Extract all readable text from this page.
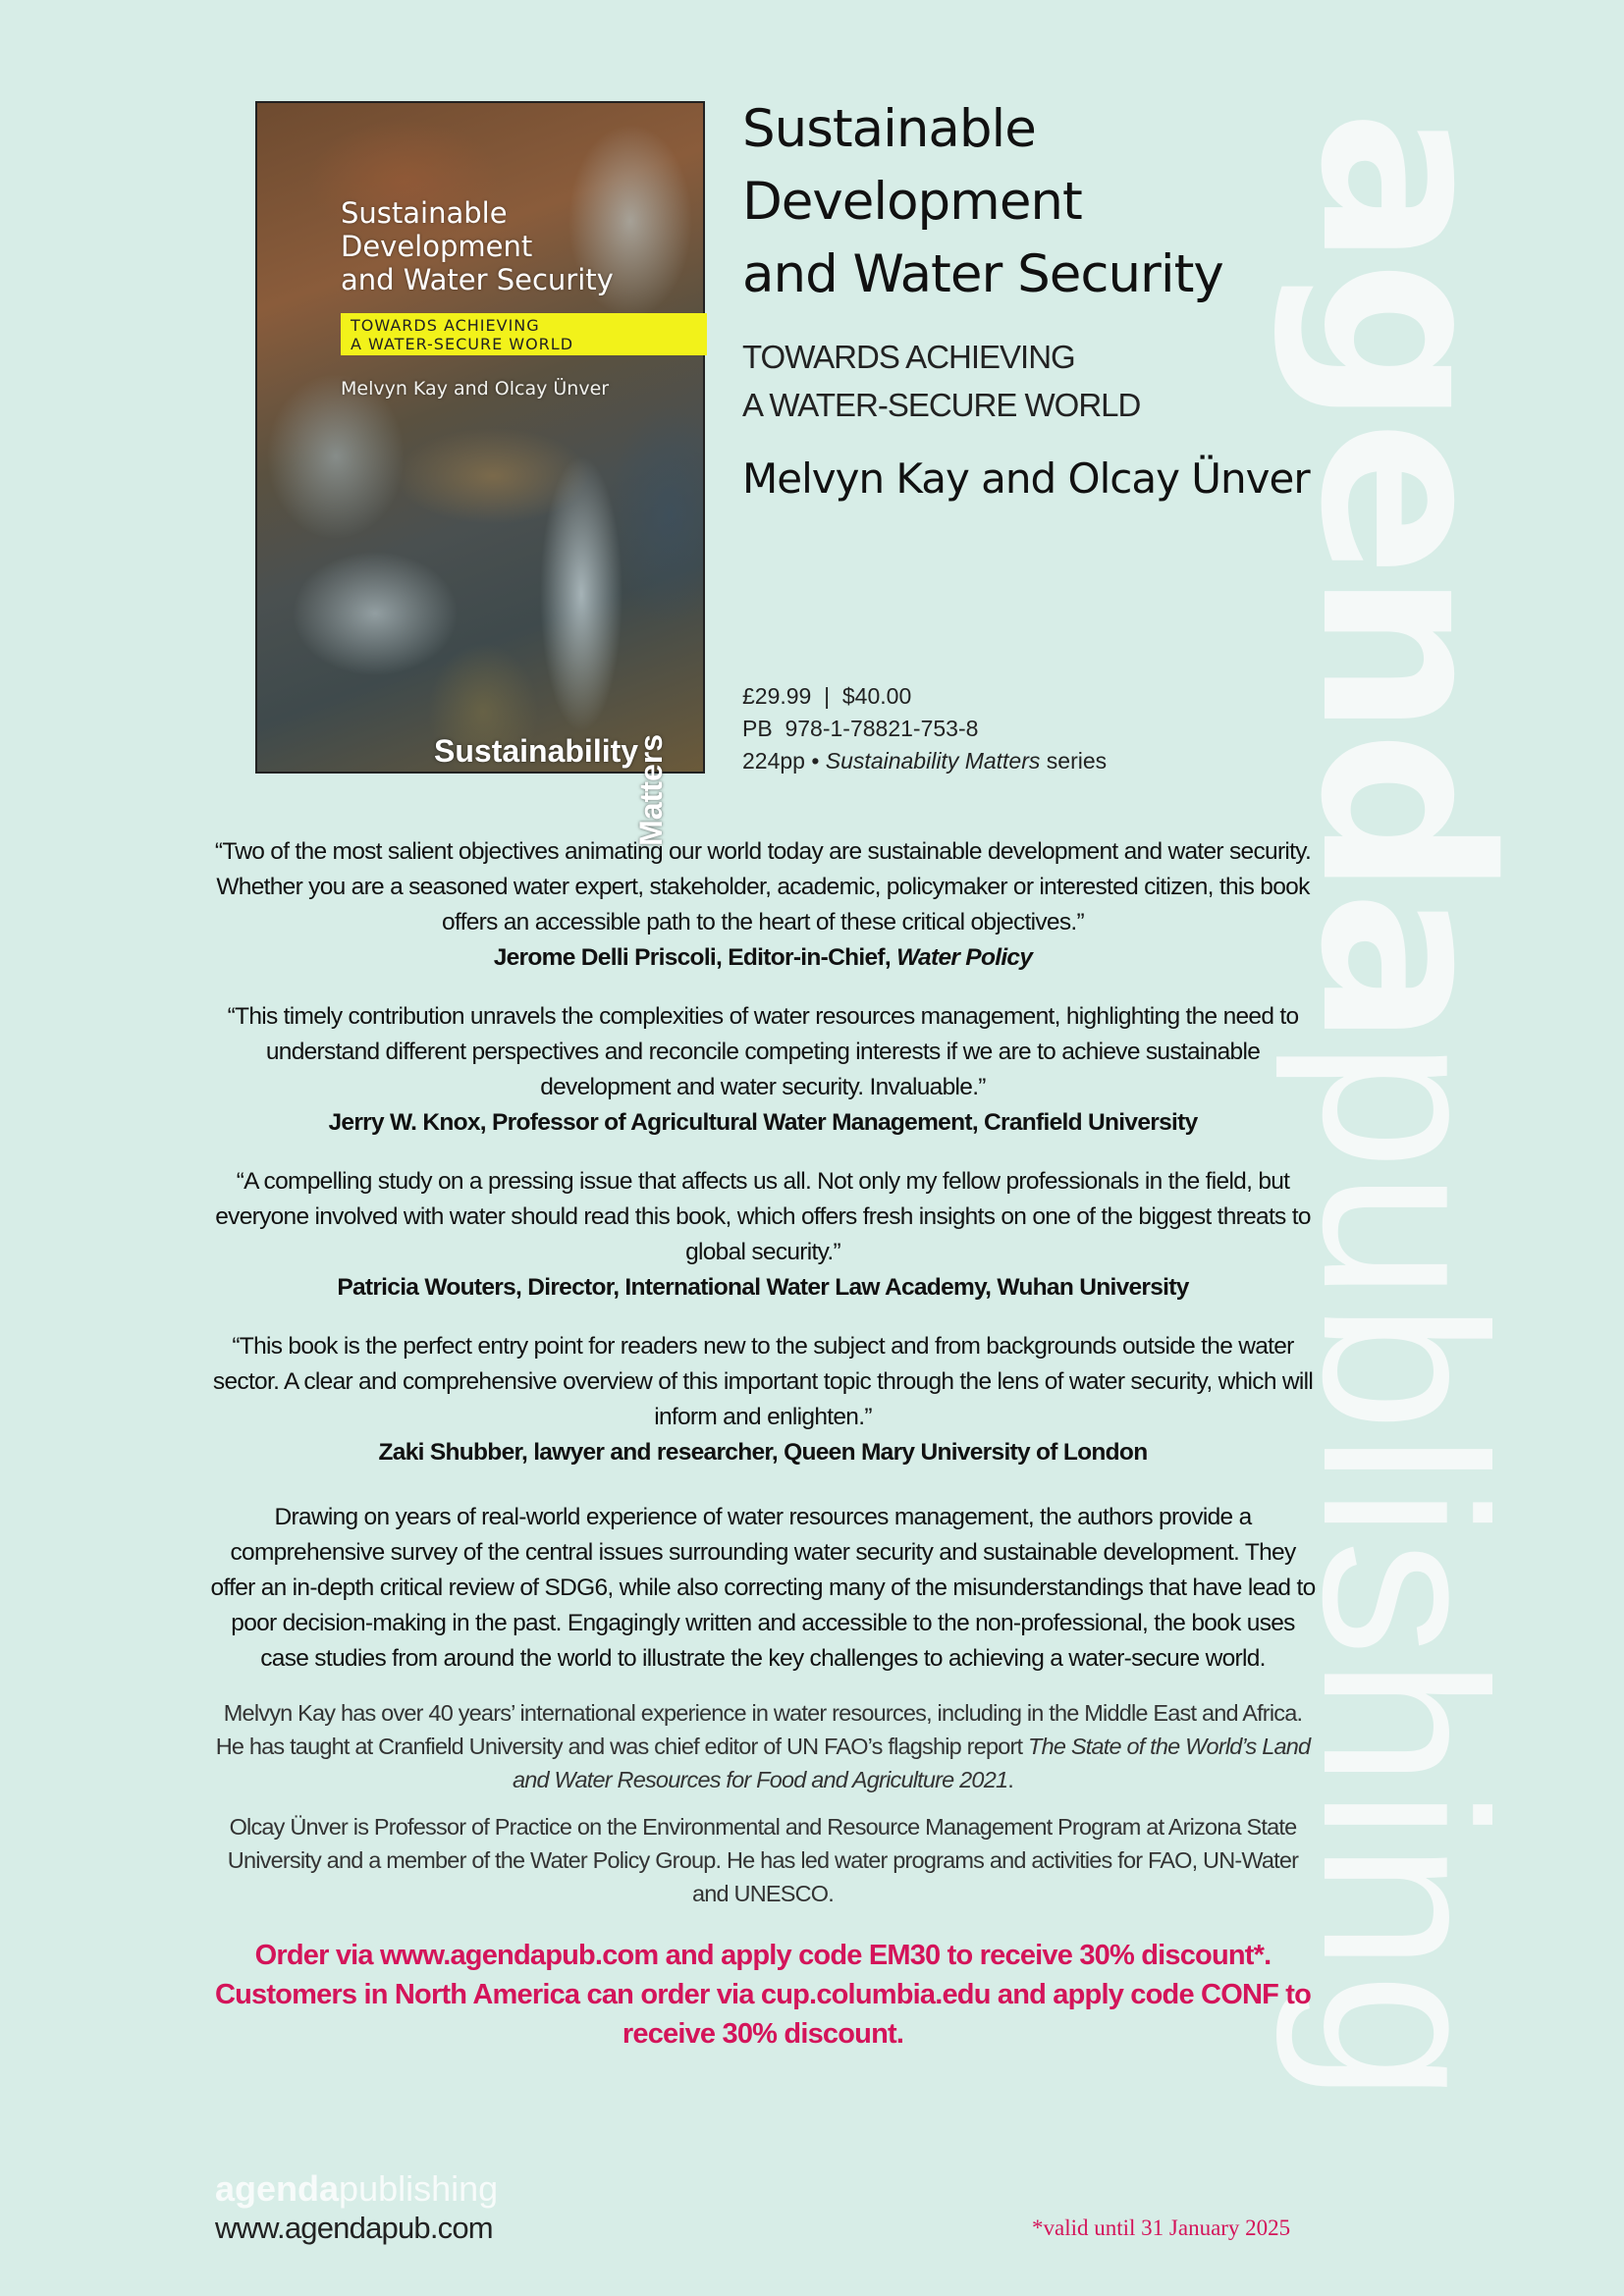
agendapublishing
Sustainable
Development
and Water Security
TOWARDS ACHIEVING
A WATER-SECURE WORLD
Melvyn Kay and Olcay Ünver
Sustainability
Matters
Sustainable
Development
and Water Security
TOWARDS ACHIEVING
A WATER-SECURE WORLD
Melvyn Kay and Olcay Ünver
£29.99  |  $40.00
PB  978-1-78821-753-8
224pp • Sustainability Matters series

“Two of the most salient objectives animating our world today are sustainable development and water security. Whether you are a seasoned water expert, stakeholder, academic, policymaker or interested citizen, this book offers an accessible path to the heart of these critical objectives.”

Jerome Delli Priscoli, Editor-in-Chief, Water Policy

“This timely contribution unravels the complexities of water resources management, highlighting the need to understand different perspectives and reconcile competing interests if we are to achieve sustainable development and water security. Invaluable.”

Jerry W. Knox, Professor of Agricultural Water Management, Cranfield University

“A compelling study on a pressing issue that affects us all. Not only my fellow professionals in the field, but everyone involved with water should read this book, which offers fresh insights on one of the biggest threats to global security.”

Patricia Wouters, Director, International Water Law Academy, Wuhan University

“This book is the perfect entry point for readers new to the subject and from backgrounds outside the water sector. A clear and comprehensive overview of this important topic through the lens of water security, which will inform and enlighten.”

Zaki Shubber, lawyer and researcher, Queen Mary University of London

Drawing on years of real-world experience of water resources management, the authors provide a comprehensive survey of the central issues surrounding water security and sustainable development. They offer an in-depth critical review of SDG6, while also correcting many of the misunderstandings that have lead to poor decision-making in the past. Engagingly written and accessible to the non-professional, the book uses case studies from around the world to illustrate the key challenges to achieving a water-secure world.

Melvyn Kay has over 40 years’ international experience in water resources, including in the Middle East and Africa. He has taught at Cranfield University and was chief editor of UN FAO’s flagship report The State of the World’s Land and Water Resources for Food and Agriculture 2021.

Olcay Ünver is Professor of Practice on the Environmental and Resource Management Program at Arizona State University and a member of the Water Policy Group. He has led water programs and activities for FAO, UN-Water and UNESCO.

Order via www.agendapub.com and apply code EM30 to receive 30% discount*. Customers in North America can order via cup.columbia.edu and apply code CONF to receive 30% discount.

agendapublishing
www.agendapub.com	*valid until 31 January 2025
